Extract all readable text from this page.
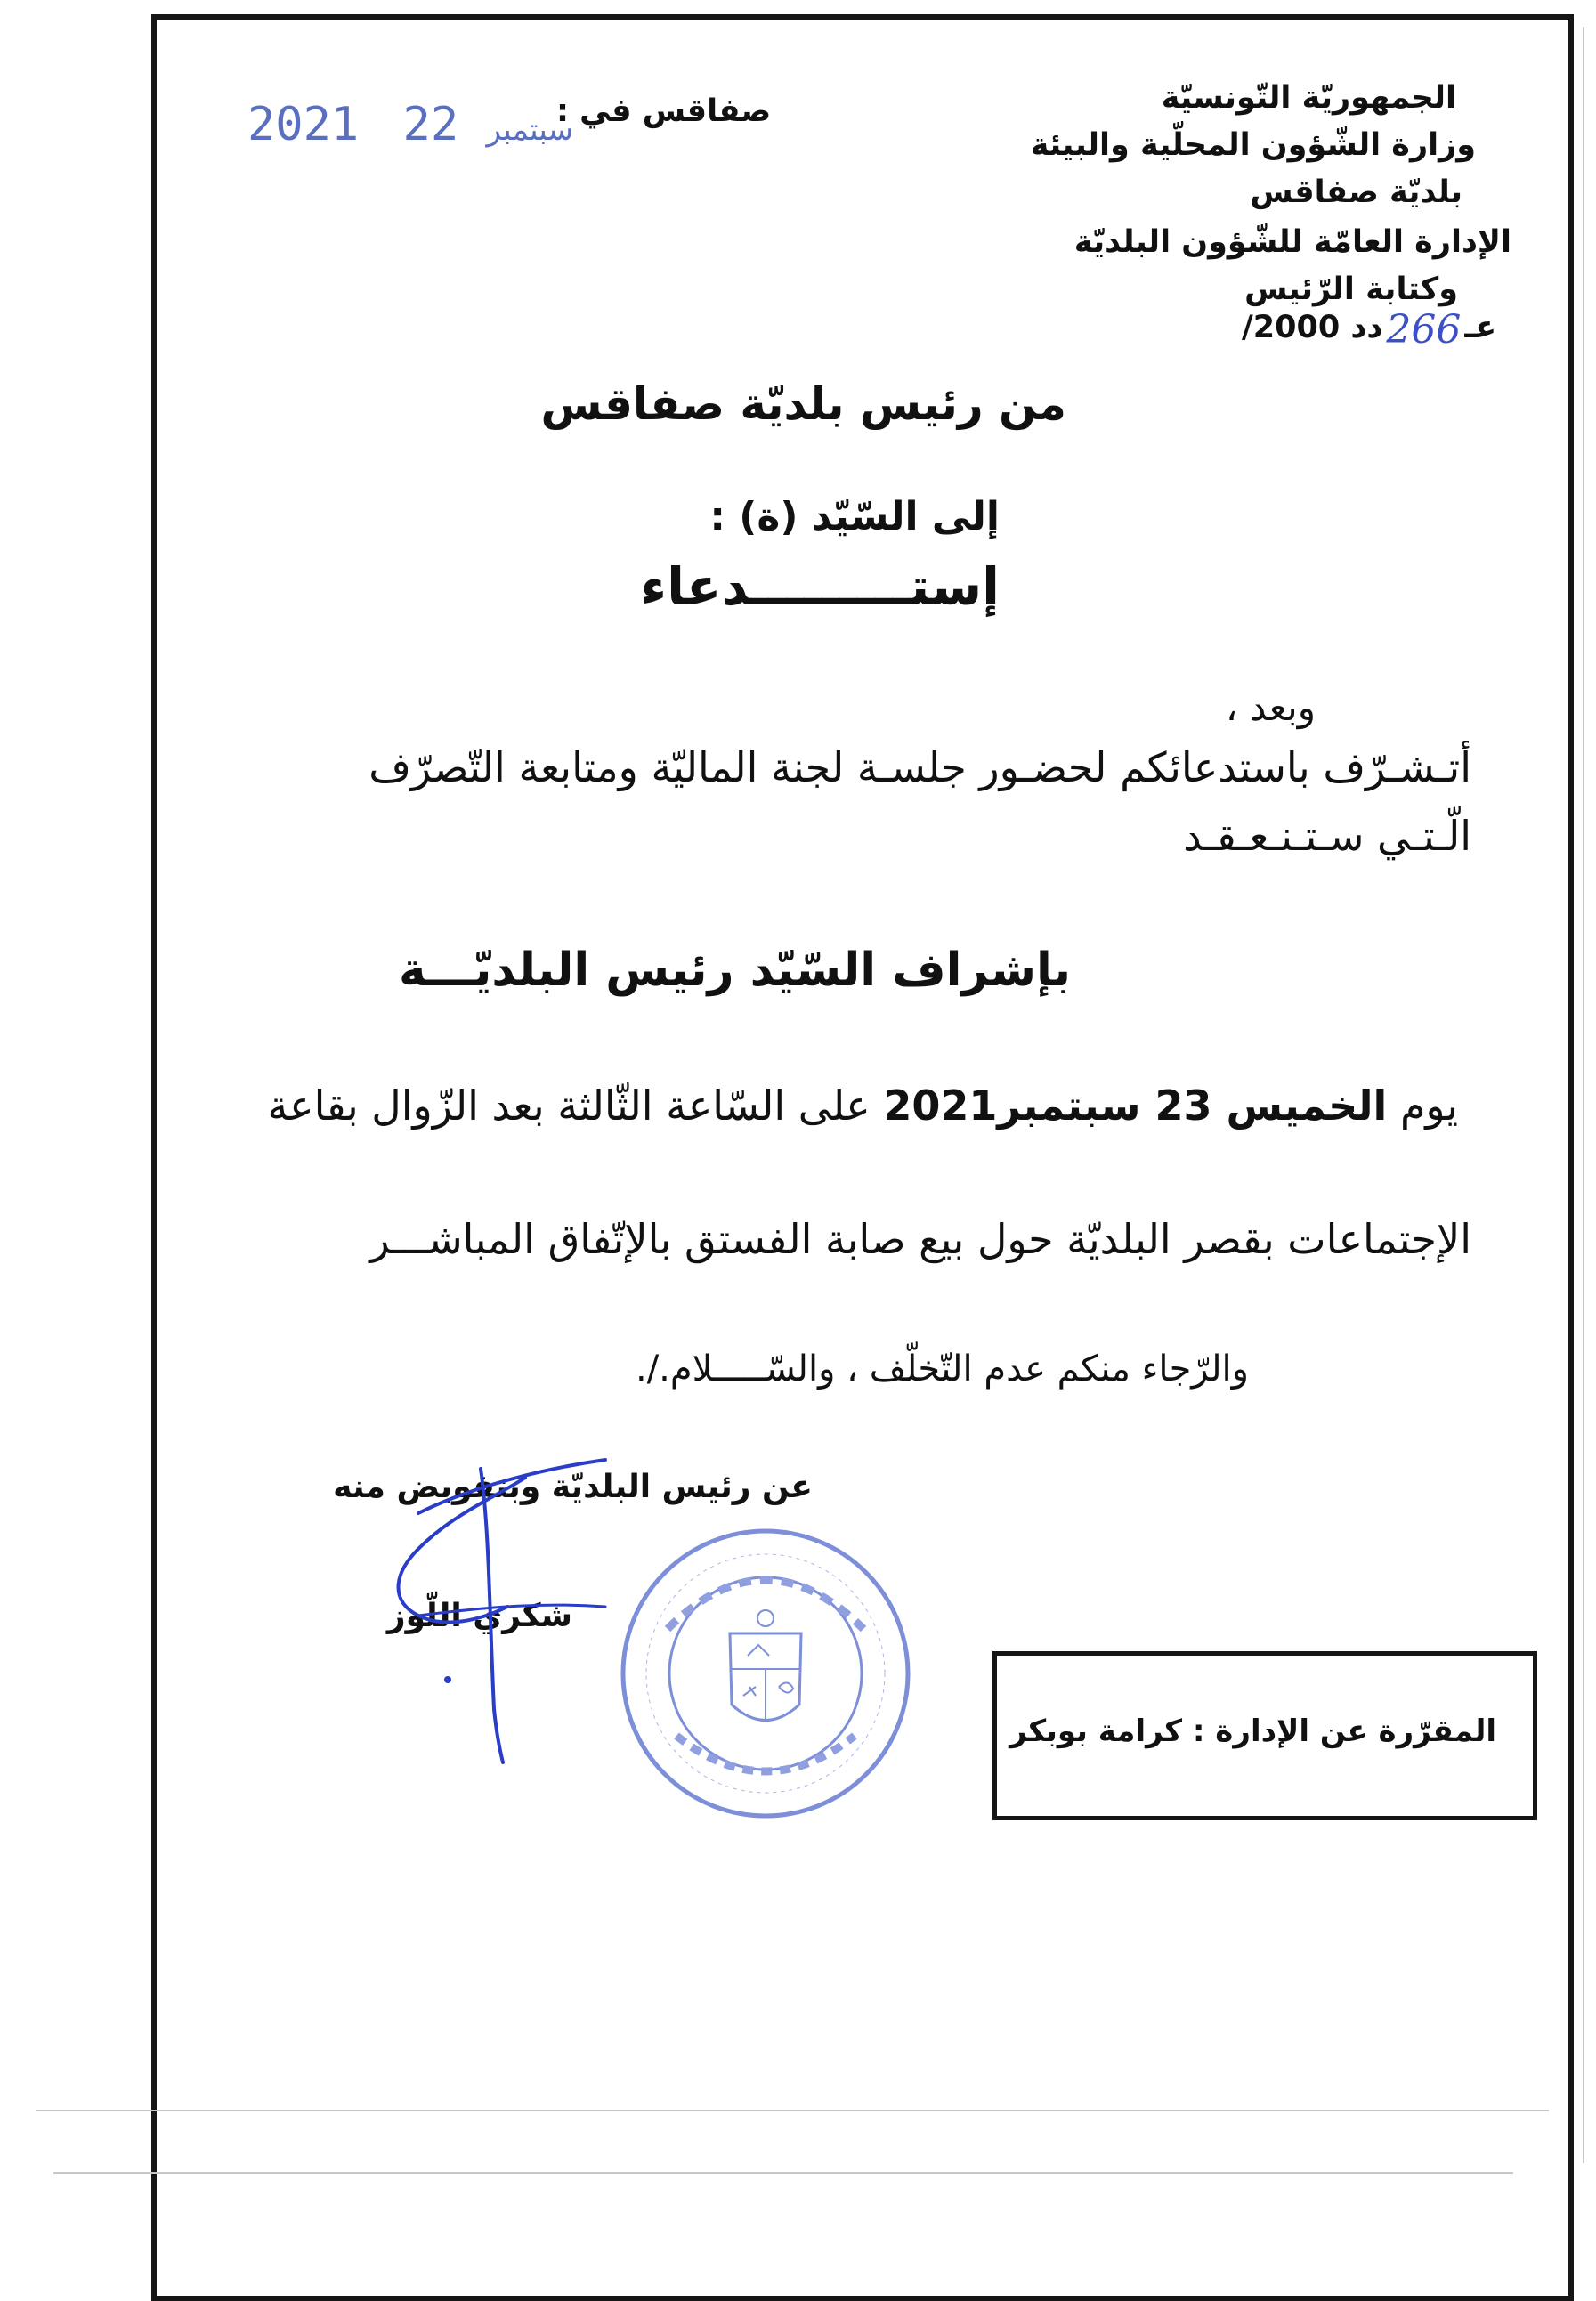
الجمهوريّة التّونسيّة
وزارة الشّؤون المحلّية والبيئة
بلديّة صفاقس
الإدارة العامّة للشّؤون البلديّة
وكتابة الرّئيس
/2000 دد266 عـ
صفاقس في :
2021	سبتمبر 22
من رئيس بلديّة صفاقس
إلى السّيّد (ة) :
إستـــــــــدعاء
وبعد ،
أتـشـرّف باستدعائكم لحضـور جلسـة لجنة الماليّة ومتابعة التّصرّف
الّـتـي سـتـنـعـقـد
بإشراف السّيّد رئيس البلديّـــة
يوم الخميس 23 سبتمبر2021 على السّاعة الثّالثة بعد الزّوال بقاعة
الإجتماعات بقصر البلديّة حول بيع صابة الفستق بالإتّفاق المباشـــر
والرّجاء منكم عدم التّخلّف ، والسّـــــلام./.
عن رئيس البلديّة وبتفويض منه
شكري اللّوز
المقرّرة عن الإدارة : كرامة بوبكر
